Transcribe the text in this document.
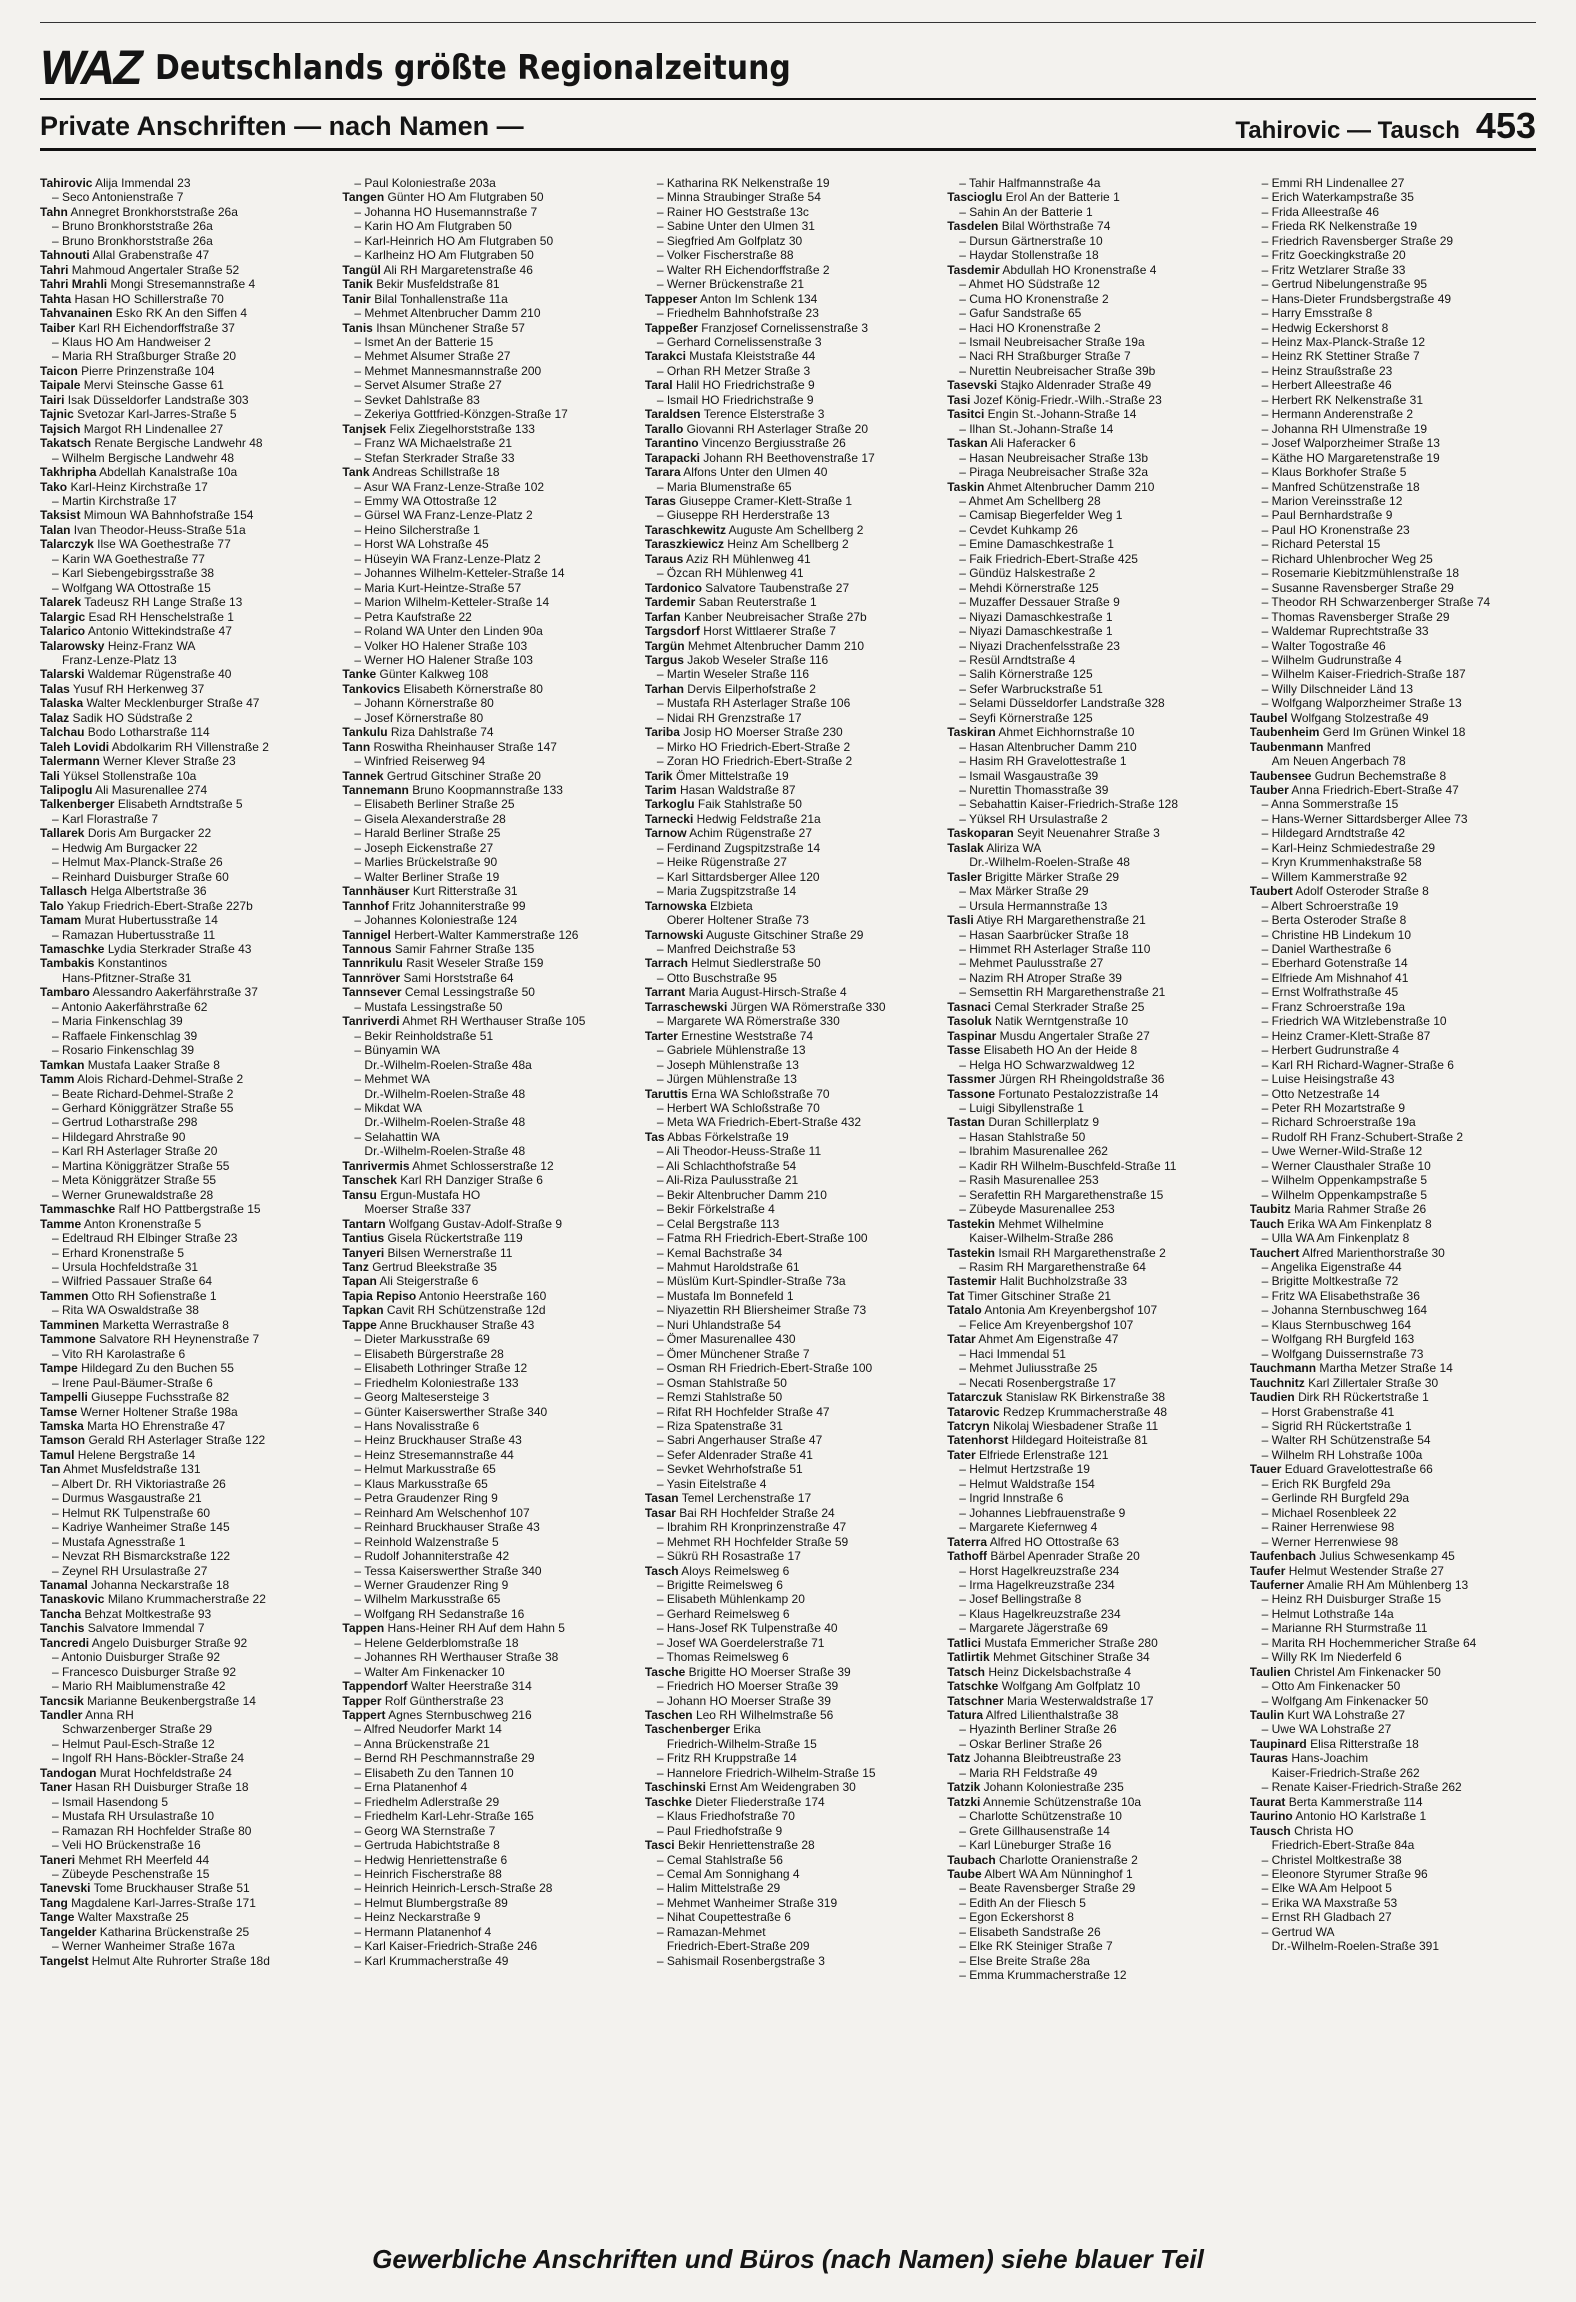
WAZ Deutschlands größte Regionalzeitung
Private Anschriften — nach Namen —	Tahirovic — Tausch 453
Tahirovic Alija Immendal 23
– Seco Antonienstraße 7
Tahn Annegret Bronkhorststraße 26a
– Bruno Bronkhorststraße 26a
– Bruno Bronkhorststraße 26a
Tahnouti Allal Grabenstraße 47
Tahri Mahmoud Angertaler Straße 52
Tahri Mrahli Mongi Stresemannstraße 4
Tahta Hasan HO Schillerstraße 70
Tahvanainen Esko RK An den Siffen 4
Taiber Karl RH Eichendorffstraße 37
– Klaus HO Am Handweiser 2
– Maria RH Straßburger Straße 20
Taicon Pierre Prinzenstraße 104
Taipale Mervi Steinsche Gasse 61
Tairi Isak Düsseldorfer Landstraße 303
Tajnic Svetozar Karl-Jarres-Straße 5
Tajsich Margot RH Lindenallee 27
Takatsch Renate Bergische Landwehr 48
– Wilhelm Bergische Landwehr 48
Takhripha Abdellah Kanalstraße 10a
Tako Karl-Heinz Kirchstraße 17
– Martin Kirchstraße 17
Taksist Mimoun WA Bahnhofstraße 154
Talan Ivan Theodor-Heuss-Straße 51a
Talarczyk Ilse WA Goethestraße 77
– Karin WA Goethestraße 77
– Karl Siebengebirgsstraße 38
– Wolfgang WA Ottostraße 15
Talarek Tadeusz RH Lange Straße 13
Talargic Esad RH Henschelstraße 1
Talarico Antonio Wittekindstraße 47
Talarowsky Heinz-Franz WA
Franz-Lenze-Platz 13
Talarski Waldemar Rügenstraße 40
Talas Yusuf RH Herkenweg 37
Talaska Walter Mecklenburger Straße 47
Talaz Sadik HO Südstraße 2
Talchau Bodo Lotharstraße 114
Taleh Lovidi Abdolkarim RH Villenstraße 2
Talermann Werner Klever Straße 23
Tali Yüksel Stollenstraße 10a
Talipoglu Ali Masurenallee 274
Talkenberger Elisabeth Arndtstraße 5
– Karl Florastraße 7
Tallarek Doris Am Burgacker 22
– Hedwig Am Burgacker 22
– Helmut Max-Planck-Straße 26
– Reinhard Duisburger Straße 60
Tallasch Helga Albertstraße 36
Talo Yakup Friedrich-Ebert-Straße 227b
Tamam Murat Hubertusstraße 14
– Ramazan Hubertusstraße 11
Tamaschke Lydia Sterkrader Straße 43
Tambakis Konstantinos
Hans-Pfitzner-Straße 31
Tambaro Alessandro Aakerfährstraße 37
– Antonio Aakerfährstraße 62
– Maria Finkenschlag 39
– Raffaele Finkenschlag 39
– Rosario Finkenschlag 39
Tamkan Mustafa Laaker Straße 8
Tamm Alois Richard-Dehmel-Straße 2
– Beate Richard-Dehmel-Straße 2
– Gerhard Königgrätzer Straße 55
– Gertrud Lotharstraße 298
– Hildegard Ahrstraße 90
– Karl RH Asterlager Straße 20
– Martina Königgrätzer Straße 55
– Meta Königgrätzer Straße 55
– Werner Grunewaldstraße 28
Tammaschke Ralf HO Pattbergstraße 15
Tamme Anton Kronenstraße 5
– Edeltraud RH Elbinger Straße 23
– Erhard Kronenstraße 5
– Ursula Hochfeldstraße 31
– Wilfried Passauer Straße 64
Tammen Otto RH Sofienstraße 1
– Rita WA Oswaldstraße 38
Tamminen Marketta Werrastraße 8
Tammone Salvatore RH Heynenstraße 7
– Vito RH Karolastraße 6
Tampe Hildegard Zu den Buchen 55
– Irene Paul-Bäumer-Straße 6
Tampelli Giuseppe Fuchsstraße 82
Tamse Werner Holtener Straße 198a
Tamska Marta HO Ehrenstraße 47
Tamson Gerald RH Asterlager Straße 122
Tamul Helene Bergstraße 14
Tan Ahmet Musfeldstraße 131
– Albert Dr. RH Viktoriastraße 26
– Durmus Wasgaustraße 21
– Helmut RK Tulpenstraße 60
– Kadriye Wanheimer Straße 145
– Mustafa Agnesstraße 1
– Nevzat RH Bismarckstraße 122
– Zeynel RH Ursulastraße 27
Tanamal Johanna Neckarstraße 18
Tanaskovic Milano Krummacherstraße 22
Tancha Behzat Moltkestraße 93
Tanchis Salvatore Immendal 7
Tancredi Angelo Duisburger Straße 92
– Antonio Duisburger Straße 92
– Francesco Duisburger Straße 92
– Mario RH Maiblumenstraße 42
Tancsik Marianne Beukenbergstraße 14
Tandler Anna RH
Schwarzenberger Straße 29
– Helmut Paul-Esch-Straße 12
– Ingolf RH Hans-Böckler-Straße 24
Tandogan Murat Hochfeldstraße 24
Taner Hasan RH Duisburger Straße 18
– Ismail Hasendong 5
– Mustafa RH Ursulastraße 10
– Ramazan RH Hochfelder Straße 80
– Veli HO Brückenstraße 16
Taneri Mehmet RH Meerfeld 44
– Zübeyde Peschenstraße 15
Tanevski Tome Bruckhauser Straße 51
Tang Magdalene Karl-Jarres-Straße 171
Tange Walter Maxstraße 25
Tangelder Katharina Brückenstraße 25
– Werner Wanheimer Straße 167a
Tangelst Helmut Alte Ruhrorter Straße 18d
– Paul Koloniestraße 203a
Tangen Günter HO Am Flutgraben 50
– Johanna HO Husemannstraße 7
– Karin HO Am Flutgraben 50
– Karl-Heinrich HO Am Flutgraben 50
– Karlheinz HO Am Flutgraben 50
Tangül Ali RH Margaretenstraße 46
Tanik Bekir Musfeldstraße 81
Tanir Bilal Tonhallenstraße 11a
– Mehmet Altenbrucher Damm 210
Tanis Ihsan Münchener Straße 57
– Ismet An der Batterie 15
– Mehmet Alsumer Straße 27
– Mehmet Mannesmannstraße 200
– Servet Alsumer Straße 27
– Sevket Dahlstraße 83
– Zekeriya Gottfried-Könzgen-Straße 17
Tanjsek Felix Ziegelhorststraße 133
– Franz WA Michaelstraße 21
– Stefan Sterkrader Straße 33
Tank Andreas Schillstraße 18
– Asur WA Franz-Lenze-Straße 102
– Emmy WA Ottostraße 12
– Gürsel WA Franz-Lenze-Platz 2
– Heino Silcherstraße 1
– Horst WA Lohstraße 45
– Hüseyin WA Franz-Lenze-Platz 2
– Johannes Wilhelm-Ketteler-Straße 14
– Maria Kurt-Heintze-Straße 57
– Marion Wilhelm-Ketteler-Straße 14
– Petra Kaufstraße 22
– Roland WA Unter den Linden 90a
– Volker HO Halener Straße 103
– Werner HO Halener Straße 103
Tanke Günter Kalkweg 108
Tankovics Elisabeth Körnerstraße 80
– Johann Körnerstraße 80
– Josef Körnerstraße 80
Tankulu Riza Dahlstraße 74
Tann Roswitha Rheinhauser Straße 147
– Winfried Reiserweg 94
Tannek Gertrud Gitschiner Straße 20
Tannemann Bruno Koopmannstraße 133
– Elisabeth Berliner Straße 25
– Gisela Alexanderstraße 28
– Harald Berliner Straße 25
– Joseph Eickenstraße 27
– Marlies Brückelstraße 90
– Walter Berliner Straße 19
Tannhäuser Kurt Ritterstraße 31
Tannhof Fritz Johanniterstraße 99
– Johannes Koloniestraße 124
Tannigel Herbert-Walter Kammerstraße 126
Tannous Samir Fahrner Straße 135
Tannrikulu Rasit Weseler Straße 159
Tannröver Sami Horststraße 64
Tannsever Cemal Lessingstraße 50
– Mustafa Lessingstraße 50
Tanriverdi Ahmet RH Werthauser Straße 105
– Bekir Reinholdstraße 51
– Bünyamin WA
Dr.-Wilhelm-Roelen-Straße 48a
– Mehmet WA
Dr.-Wilhelm-Roelen-Straße 48
– Mikdat WA
Dr.-Wilhelm-Roelen-Straße 48
– Selahattin WA
Dr.-Wilhelm-Roelen-Straße 48
Tanrivermis Ahmet Schlosserstraße 12
Tanschek Karl RH Danziger Straße 6
Tansu Ergun-Mustafa HO
Moerser Straße 337
Tantarn Wolfgang Gustav-Adolf-Straße 9
Tantius Gisela Rückertstraße 119
Tanyeri Bilsen Wernerstraße 11
Tanz Gertrud Bleekstraße 35
Tapan Ali Steigerstraße 6
Tapia Repiso Antonio Heerstraße 160
Tapkan Cavit RH Schützenstraße 12d
Tappe Anne Bruckhauser Straße 43
– Dieter Markusstraße 69
– Elisabeth Bürgerstraße 28
– Elisabeth Lothringer Straße 12
– Friedhelm Koloniestraße 133
– Georg Maltesersteige 3
– Günter Kaiserswerther Straße 340
– Hans Novalisstraße 6
– Heinz Bruckhauser Straße 43
– Heinz Stresemannstraße 44
– Helmut Markusstraße 65
– Klaus Markusstraße 65
– Petra Graudenzer Ring 9
– Reinhard Am Welschenhof 107
– Reinhard Bruckhauser Straße 43
– Reinhold Walzenstraße 5
– Rudolf Johanniterstraße 42
– Tessa Kaiserswerther Straße 340
– Werner Graudenzer Ring 9
– Wilhelm Markusstraße 65
– Wolfgang RH Sedanstraße 16
Tappen Hans-Heiner RH Auf dem Hahn 5
– Helene Gelderblomstraße 18
– Johannes RH Werthauser Straße 38
– Walter Am Finkenacker 10
Tappendorf Walter Heerstraße 314
Tapper Rolf Güntherstraße 23
Tappert Agnes Sternbuschweg 216
– Alfred Neudorfer Markt 14
– Anna Brückenstraße 21
– Bernd RH Peschmannstraße 29
– Elisabeth Zu den Tannen 10
– Erna Platanenhof 4
– Friedhelm Adlerstraße 29
– Friedhelm Karl-Lehr-Straße 165
– Georg WA Sternstraße 7
– Gertruda Habichtstraße 8
– Hedwig Henriettenstraße 6
– Heinrich Fischerstraße 88
– Heinrich Heinrich-Lersch-Straße 28
– Helmut Blumbergstraße 89
– Heinz Neckarstraße 9
– Hermann Platanenhof 4
– Karl Kaiser-Friedrich-Straße 246
– Karl Krummacherstraße 49
– Katharina RK Nelkenstraße 19
– Minna Straubinger Straße 54
– Rainer HO Geststraße 13c
– Sabine Unter den Ulmen 31
– Siegfried Am Golfplatz 30
– Volker Fischerstraße 88
– Walter RH Eichendorffstraße 2
– Werner Brückenstraße 21
Tappeser Anton Im Schlenk 134
– Friedhelm Bahnhofstraße 23
Tappeßer Franzjosef Cornelissenstraße 3
– Gerhard Cornelissenstraße 3
Tarakci Mustafa Kleiststraße 44
– Orhan RH Metzer Straße 3
Taral Halil HO Friedrichstraße 9
– Ismail HO Friedrichstraße 9
Taraldsen Terence Elsterstraße 3
Tarallo Giovanni RH Asterlager Straße 20
Tarantino Vincenzo Bergiusstraße 26
Tarapacki Johann RH Beethovenstraße 17
Tarara Alfons Unter den Ulmen 40
– Maria Blumenstraße 65
Taras Giuseppe Cramer-Klett-Straße 1
– Giuseppe RH Herderstraße 13
Taraschkewitz Auguste Am Schellberg 2
Taraszkiewicz Heinz Am Schellberg 2
Taraus Aziz RH Mühlenweg 41
– Özcan RH Mühlenweg 41
Tardonico Salvatore Taubenstraße 27
Tardemir Saban Reuterstraße 1
Tarfan Kanber Neubreisacher Straße 27b
Targsdorf Horst Wittlaerer Straße 7
Targün Mehmet Altenbrucher Damm 210
Targus Jakob Weseler Straße 116
– Martin Weseler Straße 116
Tarhan Dervis Eilperhofstraße 2
– Mustafa RH Asterlager Straße 106
– Nidai RH Grenzstraße 17
Tariba Josip HO Moerser Straße 230
– Mirko HO Friedrich-Ebert-Straße 2
– Zoran HO Friedrich-Ebert-Straße 2
Tarik Ömer Mittelstraße 19
Tarim Hasan Waldstraße 87
Tarkoglu Faik Stahlstraße 50
Tarnecki Hedwig Feldstraße 21a
Tarnow Achim Rügenstraße 27
– Ferdinand Zugspitzstraße 14
– Heike Rügenstraße 27
– Karl Sittardsberger Allee 120
– Maria Zugspitzstraße 14
Tarnowska Elzbieta
Oberer Holtener Straße 73
Tarnowski Auguste Gitschiner Straße 29
– Manfred Deichstraße 53
Tarrach Helmut Siedlerstraße 50
– Otto Buschstraße 95
Tarrant Maria August-Hirsch-Straße 4
Tarraschewski Jürgen WA Römerstraße 330
– Margarete WA Römerstraße 330
Tarter Ernestine Weststraße 74
– Gabriele Mühlenstraße 13
– Joseph Mühlenstraße 13
– Jürgen Mühlenstraße 13
Taruttis Erna WA Schloßstraße 70
– Herbert WA Schloßstraße 70
– Meta WA Friedrich-Ebert-Straße 432
Tas Abbas Förkelstraße 19
– Ali Theodor-Heuss-Straße 11
– Ali Schlachthofstraße 54
– Ali-Riza Paulusstraße 21
– Bekir Altenbrucher Damm 210
– Bekir Förkelstraße 4
– Celal Bergstraße 113
– Fatma RH Friedrich-Ebert-Straße 100
– Kemal Bachstraße 34
– Mahmut Haroldstraße 61
– Müslüm Kurt-Spindler-Straße 73a
– Mustafa Im Bonnefeld 1
– Niyazettin RH Bliersheimer Straße 73
– Nuri Uhlandstraße 54
– Ömer Masurenallee 430
– Ömer Münchener Straße 7
– Osman RH Friedrich-Ebert-Straße 100
– Osman Stahlstraße 50
– Remzi Stahlstraße 50
– Rifat RH Hochfelder Straße 47
– Riza Spatenstraße 31
– Sabri Angerhauser Straße 47
– Sefer Aldenrader Straße 41
– Sevket Wehrhofstraße 51
– Yasin Eitelstraße 4
Tasan Temel Lerchenstraße 17
Tasar Bai RH Hochfelder Straße 24
– Ibrahim RH Kronprinzenstraße 47
– Mehmet RH Hochfelder Straße 59
– Sükrü RH Rosastraße 17
Tasch Aloys Reimelsweg 6
– Brigitte Reimelsweg 6
– Elisabeth Mühlenkamp 20
– Gerhard Reimelsweg 6
– Hans-Josef RK Tulpenstraße 40
– Josef WA Goerdelerstraße 71
– Thomas Reimelsweg 6
Tasche Brigitte HO Moerser Straße 39
– Friedrich HO Moerser Straße 39
– Johann HO Moerser Straße 39
Taschen Leo RH Wilhelmstraße 56
Taschenberger Erika
Friedrich-Wilhelm-Straße 15
– Fritz RH Kruppstraße 14
– Hannelore Friedrich-Wilhelm-Straße 15
Taschinski Ernst Am Weidengraben 30
Taschke Dieter Fliederstraße 174
– Klaus Friedhofstraße 70
– Paul Friedhofstraße 9
Tasci Bekir Henriettenstraße 28
– Cemal Stahlstraße 56
– Cemal Am Sonnighang 4
– Halim Mittelstraße 29
– Mehmet Wanheimer Straße 319
– Nihat Coupettestraße 6
– Ramazan-Mehmet
Friedrich-Ebert-Straße 209
– Sahismail Rosenbergstraße 3
– Tahir Halfmannstraße 4a
Tascioglu Erol An der Batterie 1
– Sahin An der Batterie 1
Tasdelen Bilal Wörthstraße 74
– Dursun Gärtnerstraße 10
– Haydar Stollenstraße 18
Tasdemir Abdullah HO Kronenstraße 4
– Ahmet HO Südstraße 12
– Cuma HO Kronenstraße 2
– Gafur Sandstraße 65
– Haci HO Kronenstraße 2
– Ismail Neubreisacher Straße 19a
– Naci RH Straßburger Straße 7
– Nurettin Neubreisacher Straße 39b
Tasevski Stajko Aldenrader Straße 49
Tasi Jozef König-Friedr.-Wilh.-Straße 23
Tasitci Engin St.-Johann-Straße 14
– Ilhan St.-Johann-Straße 14
Taskan Ali Haferacker 6
– Hasan Neubreisacher Straße 13b
– Piraga Neubreisacher Straße 32a
Taskin Ahmet Altenbrucher Damm 210
– Ahmet Am Schellberg 28
– Camisap Biegerfelder Weg 1
– Cevdet Kuhkamp 26
– Emine Damaschkestraße 1
– Faik Friedrich-Ebert-Straße 425
– Gündüz Halskestraße 2
– Mehdi Körnerstraße 125
– Muzaffer Dessauer Straße 9
– Niyazi Damaschkestraße 1
– Niyazi Damaschkestraße 1
– Niyazi Drachenfelsstraße 23
– Resül Arndtstraße 4
– Salih Körnerstraße 125
– Sefer Warbruckstraße 51
– Selami Düsseldorfer Landstraße 328
– Seyfi Körnerstraße 125
Taskiran Ahmet Eichhornstraße 10
– Hasan Altenbrucher Damm 210
– Hasim RH Gravelottestraße 1
– Ismail Wasgaustraße 39
– Nurettin Thomasstraße 39
– Sebahattin Kaiser-Friedrich-Straße 128
– Yüksel RH Ursulastraße 2
Taskoparan Seyit Neuenahrer Straße 3
Taslak Aliriza WA
Dr.-Wilhelm-Roelen-Straße 48
Tasler Brigitte Märker Straße 29
– Max Märker Straße 29
– Ursula Hermannstraße 13
Tasli Atiye RH Margarethenstraße 21
– Hasan Saarbrücker Straße 18
– Himmet RH Asterlager Straße 110
– Mehmet Paulusstraße 27
– Nazim RH Atroper Straße 39
– Semsettin RH Margarethenstraße 21
Tasnaci Cemal Sterkrader Straße 25
Tasoluk Natik Werntgenstraße 10
Taspinar Musdu Angertaler Straße 27
Tasse Elisabeth HO An der Heide 8
– Helga HO Schwarzwaldweg 12
Tassmer Jürgen RH Rheingoldstraße 36
Tassone Fortunato Pestalozzistraße 14
– Luigi Sibyllenstraße 1
Tastan Duran Schillerplatz 9
– Hasan Stahlstraße 50
– Ibrahim Masurenallee 262
– Kadir RH Wilhelm-Buschfeld-Straße 11
– Rasih Masurenallee 253
– Serafettin RH Margarethenstraße 15
– Zübeyde Masurenallee 253
Tastekin Mehmet Wilhelmine
Kaiser-Wilhelm-Straße 286
Tastekin Ismail RH Margarethenstraße 2
– Rasim RH Margarethenstraße 64
Tastemir Halit Buchholzstraße 33
Tat Timer Gitschiner Straße 21
Tatalo Antonia Am Kreyenbergshof 107
– Felice Am Kreyenbergshof 107
Tatar Ahmet Am Eigenstraße 47
– Haci Immendal 51
– Mehmet Juliusstraße 25
– Necati Rosenbergstraße 17
Tatarczuk Stanislaw RK Birkenstraße 38
Tatarovic Redzep Krummacherstraße 48
Tatcryn Nikolaj Wiesbadener Straße 11
Tatenhorst Hildegard Hoiteistraße 81
Tater Elfriede Erlenstraße 121
– Helmut Hertzstraße 19
– Helmut Waldstraße 154
– Ingrid Innstraße 6
– Johannes Liebfrauenstraße 9
– Margarete Kiefernweg 4
Taterra Alfred HO Ottostraße 63
Tathoff Bärbel Apenrader Straße 20
– Horst Hagelkreuzstraße 234
– Irma Hagelkreuzstraße 234
– Josef Bellingstraße 8
– Klaus Hagelkreuzstraße 234
– Margarete Jägerstraße 69
Tatlici Mustafa Emmericher Straße 280
Tatlirtik Mehmet Gitschiner Straße 34
Tatsch Heinz Dickelsbachstraße 4
Tatschke Wolfgang Am Golfplatz 10
Tatschner Maria Westerwaldstraße 17
Tatura Alfred Lilienthalstraße 38
– Hyazinth Berliner Straße 26
– Oskar Berliner Straße 26
Tatz Johanna Bleibtreustraße 23
– Maria RH Feldstraße 49
Tatzik Johann Koloniestraße 235
Tatzki Annemie Schützenstraße 10a
– Charlotte Schützenstraße 10
– Grete Gillhausenstraße 14
– Karl Lüneburger Straße 16
Taubach Charlotte Oranienstraße 2
Taube Albert WA Am Nünninghof 1
– Beate Ravensberger Straße 29
– Edith An der Fliesch 5
– Egon Eckershorst 8
– Elisabeth Sandstraße 26
– Elke RK Steiniger Straße 7
– Else Breite Straße 28a
– Emma Krummacherstraße 12
– Emmi RH Lindenallee 27
– Erich Waterkampstraße 35
– Frida Alleestraße 46
– Frieda RK Nelkenstraße 19
– Friedrich Ravensberger Straße 29
– Fritz Goeckingkstraße 20
– Fritz Wetzlarer Straße 33
– Gertrud Nibelungenstraße 95
– Hans-Dieter Frundsbergstraße 49
– Harry Emsstraße 8
– Hedwig Eckershorst 8
– Heinz Max-Planck-Straße 12
– Heinz RK Stettiner Straße 7
– Heinz Straußstraße 23
– Herbert Alleestraße 46
– Herbert RK Nelkenstraße 31
– Hermann Anderenstraße 2
– Johanna RH Ulmenstraße 19
– Josef Walporzheimer Straße 13
– Käthe HO Margaretenstraße 19
– Klaus Borkhofer Straße 5
– Manfred Schützenstraße 18
– Marion Vereinsstraße 12
– Paul Bernhardstraße 9
– Paul HO Kronenstraße 23
– Richard Peterstal 15
– Richard Uhlenbrocher Weg 25
– Rosemarie Kiebitzmühlenstraße 18
– Susanne Ravensberger Straße 29
– Theodor RH Schwarzenberger Straße 74
– Thomas Ravensberger Straße 29
– Waldemar Ruprechtstraße 33
– Walter Togostraße 46
– Wilhelm Gudrunstraße 4
– Wilhelm Kaiser-Friedrich-Straße 187
– Willy Dilschneider Länd 13
– Wolfgang Walporzheimer Straße 13
Taubel Wolfgang Stolzestraße 49
Taubenheim Gerd Im Grünen Winkel 18
Taubenmann Manfred
Am Neuen Angerbach 78
Taubensee Gudrun Bechemstraße 8
Tauber Anna Friedrich-Ebert-Straße 47
– Anna Sommerstraße 15
– Hans-Werner Sittardsberger Allee 73
– Hildegard Arndtstraße 42
– Karl-Heinz Schmiedestraße 29
– Kryn Krummenhakstraße 58
– Willem Kammerstraße 92
Taubert Adolf Osteroder Straße 8
– Albert Schroerstraße 19
– Berta Osteroder Straße 8
– Christine HB Lindekum 10
– Daniel Warthestraße 6
– Eberhard Gotenstraße 14
– Elfriede Am Mishnahof 41
– Ernst Wolfrathstraße 45
– Franz Schroerstraße 19a
– Friedrich WA Witzlebenstraße 10
– Heinz Cramer-Klett-Straße 87
– Herbert Gudrunstraße 4
– Karl RH Richard-Wagner-Straße 6
– Luise Heisingstraße 43
– Otto Netzestraße 14
– Peter RH Mozartstraße 9
– Richard Schroerstraße 19a
– Rudolf RH Franz-Schubert-Straße 2
– Uwe Werner-Wild-Straße 12
– Werner Clausthaler Straße 10
– Wilhelm Oppenkampstraße 5
– Wilhelm Oppenkampstraße 5
Taubitz Maria Rahmer Straße 26
Tauch Erika WA Am Finkenplatz 8
– Ulla WA Am Finkenplatz 8
Tauchert Alfred Marienthorstraße 30
– Angelika Eigenstraße 44
– Brigitte Moltkestraße 72
– Fritz WA Elisabethstraße 36
– Johanna Sternbuschweg 164
– Klaus Sternbuschweg 164
– Wolfgang RH Burgfeld 163
– Wolfgang Duissernstraße 73
Tauchmann Martha Metzer Straße 14
Tauchnitz Karl Zillertaler Straße 30
Taudien Dirk RH Rückertstraße 1
– Horst Grabenstraße 41
– Sigrid RH Rückertstraße 1
– Walter RH Schützenstraße 54
– Wilhelm RH Lohstraße 100a
Tauer Eduard Gravelottestraße 66
– Erich RK Burgfeld 29a
– Gerlinde RH Burgfeld 29a
– Michael Rosenbleek 22
– Rainer Herrenwiese 98
– Werner Herrenwiese 98
Taufenbach Julius Schwesenkamp 45
Taufer Helmut Westender Straße 27
Tauferner Amalie RH Am Mühlenberg 13
– Heinz RH Duisburger Straße 15
– Helmut Lothstraße 14a
– Marianne RH Sturmstraße 11
– Marita RH Hochemmericher Straße 64
– Willy RK Im Niederfeld 6
Taulien Christel Am Finkenacker 50
– Otto Am Finkenacker 50
– Wolfgang Am Finkenacker 50
Taulin Kurt WA Lohstraße 27
– Uwe WA Lohstraße 27
Taupinard Elisa Ritterstraße 18
Tauras Hans-Joachim
Kaiser-Friedrich-Straße 262
– Renate Kaiser-Friedrich-Straße 262
Taurat Berta Kammerstraße 114
Taurino Antonio HO Karlstraße 1
Tausch Christa HO
Friedrich-Ebert-Straße 84a
– Christel Moltkestraße 38
– Eleonore Styrumer Straße 96
– Elke WA Am Helpoot 5
– Erika WA Maxstraße 53
– Ernst RH Gladbach 27
– Gertrud WA
Dr.-Wilhelm-Roelen-Straße 391
Gewerbliche Anschriften und Büros (nach Namen) siehe blauer Teil
